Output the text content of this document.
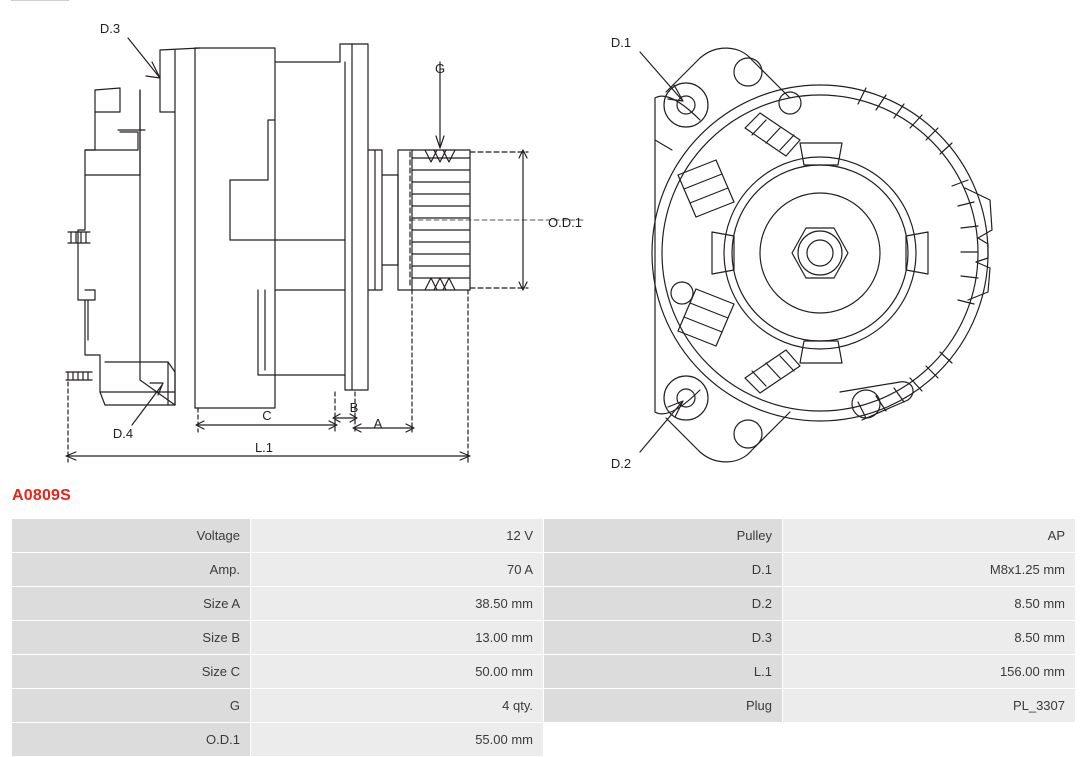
D.3
D.4
G
O.D.1
A
B
C
L.1
D.1
D.2
A0809S
Voltage	12 V	Pulley	AP
Amp.	70 A	D.1	M8x1.25 mm
Size A	38.50 mm	D.2	8.50 mm
Size B	13.00 mm	D.3	8.50 mm
Size C	50.00 mm	L.1	156.00 mm
G	4 qty.	Plug	PL_3307
O.D.1	55.00 mm		
